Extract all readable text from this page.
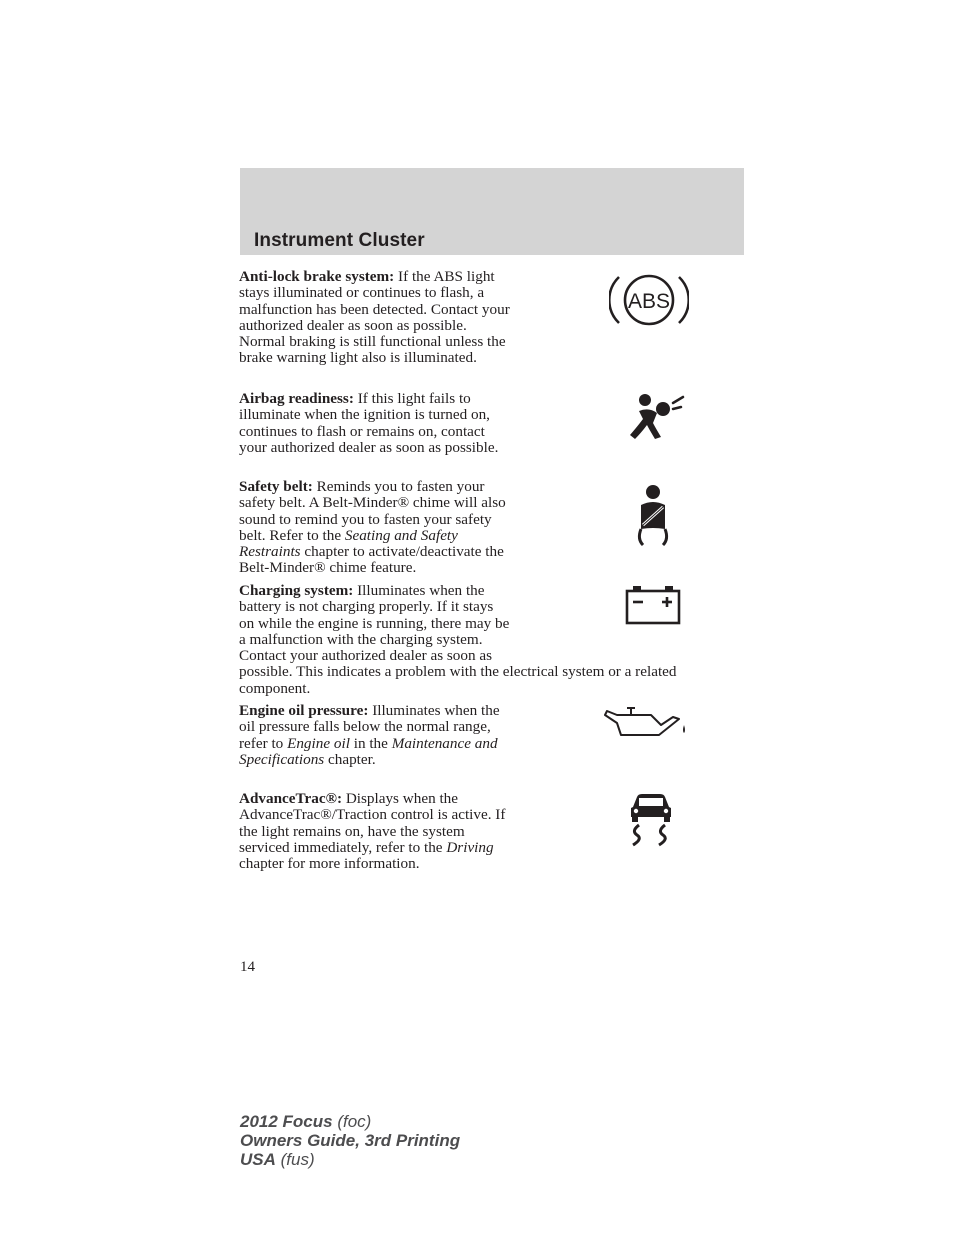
Instrument Cluster
ABS

Anti-lock brake system: If the ABS light stays illuminated or continues to flash, a malfunction has been detected. Contact your authorized dealer as soon as possible. Normal braking is still functional unless the brake warning light also is illuminated.

Airbag readiness: If this light fails to illuminate when the ignition is turned on, continues to flash or remains on, contact your authorized dealer as soon as possible.

Safety belt: Reminds you to fasten your safety belt. A Belt-Minder® chime will also sound to remind you to fasten your safety belt. Refer to the Seating and Safety Restraints chapter to activate/deactivate the Belt-Minder® chime feature.

Charging system: Illuminates when the battery is not charging properly. If it stays on while the engine is running, there may be a malfunction with the charging system. Contact your authorized dealer as soon as possible. This indicates a problem with the electrical system or a related component.

Engine oil pressure: Illuminates when the oil pressure falls below the normal range, refer to Engine oil in the Maintenance and Specifications chapter.

AdvanceTrac®: Displays when the AdvanceTrac®/Traction control is active. If the light remains on, have the system serviced immediately, refer to the Driving chapter for more information.

14
2012 Focus (foc)
Owners Guide, 3rd Printing
USA (fus)
